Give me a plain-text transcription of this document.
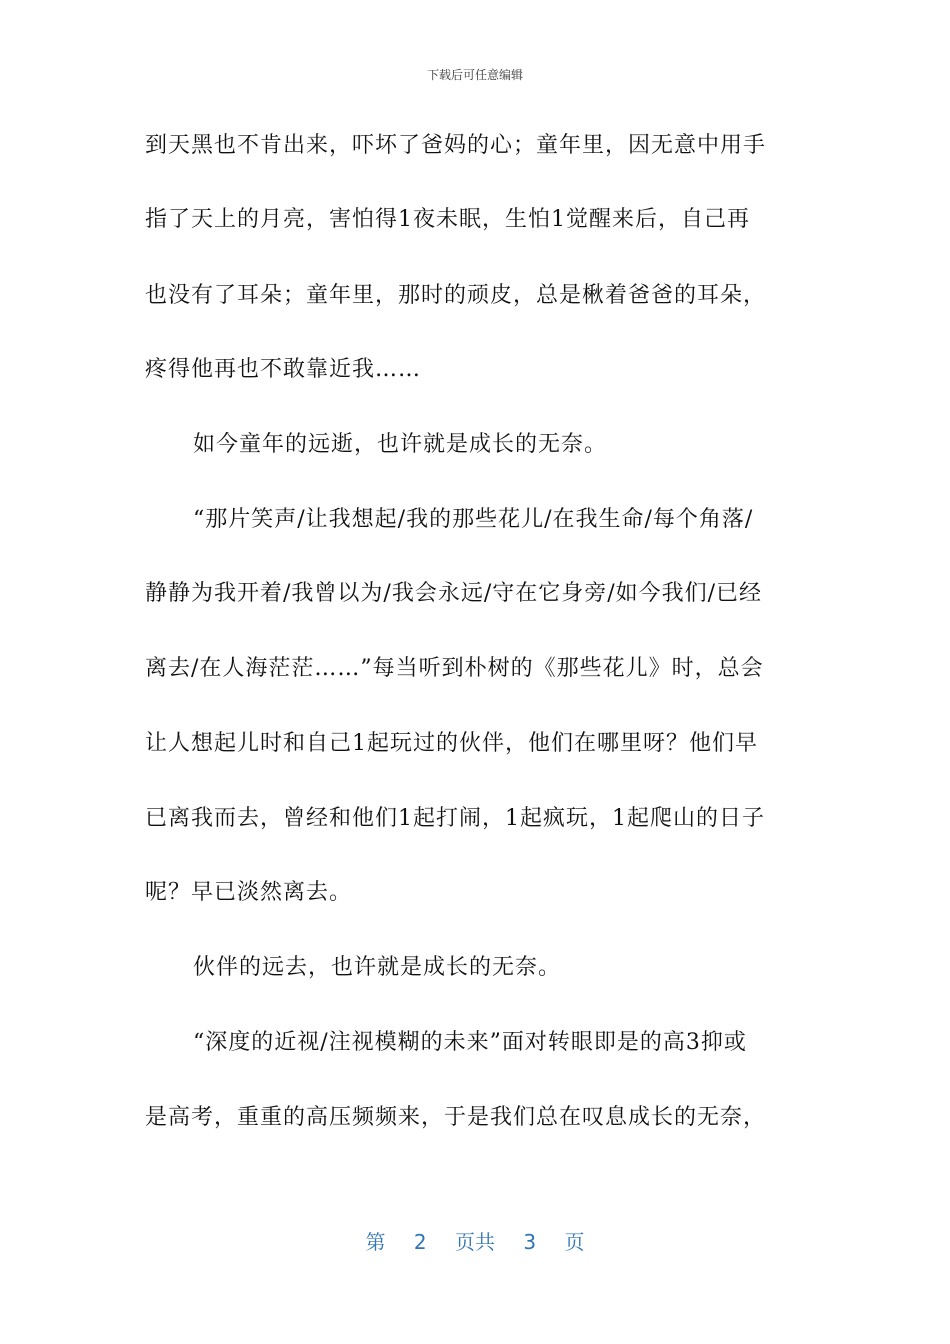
下载后可任意编辑
到天黑也不肯出来，吓坏了爸妈的心；童年里，因无意中用手
指了天上的月亮，害怕得1夜未眠，生怕1觉醒来后，自己再
也没有了耳朵；童年里，那时的顽皮，总是楸着爸爸的耳朵，
疼得他再也不敢靠近我……
如今童年的远逝，也许就是成长的无奈。
“那片笑声/让我想起/我的那些花儿/在我生命/每个角落/
静静为我开着/我曾以为/我会永远/守在它身旁/如今我们/已经
离去/在人海茫茫……”每当听到朴树的《那些花儿》时，总会
让人想起儿时和自己1起玩过的伙伴，他们在哪里呀？他们早
已离我而去，曾经和他们1起打闹，1起疯玩，1起爬山的日子
呢？早已淡然离去。
伙伴的远去，也许就是成长的无奈。
“深度的近视/注视模糊的未来”面对转眼即是的高3抑或
是高考，重重的高压频频来，于是我们总在叹息成长的无奈，
第 2 页共 3 页
